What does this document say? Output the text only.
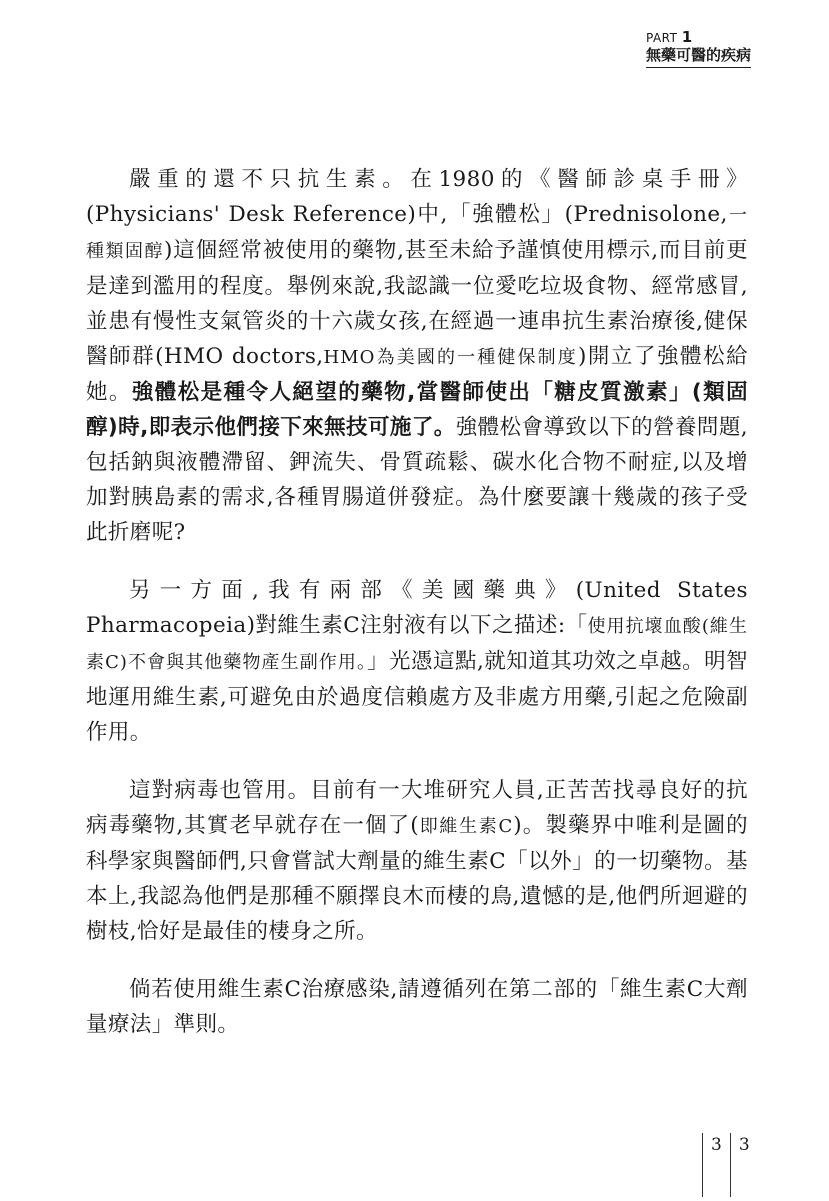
PART 1
無藥可醫的疾病

嚴重的還不只抗生素。在1980的《醫師診桌手冊》(Physicians' Desk Reference)中,「強體松」(Prednisolone,一種類固醇)這個經常被使用的藥物,甚至未給予謹慎使用標示,而目前更是達到濫用的程度。舉例來說,我認識一位愛吃垃圾食物、經常感冒,並患有慢性支氣管炎的十六歲女孩,在經過一連串抗生素治療後,健保醫師群(HMO doctors,HMO為美國的一種健保制度)開立了強體松給她。強體松是種令人絕望的藥物,當醫師使出「糖皮質激素」(類固醇)時,即表示他們接下來無技可施了。強體松會導致以下的營養問題,包括鈉與液體滯留、鉀流失、骨質疏鬆、碳水化合物不耐症,以及增加對胰島素的需求,各種胃腸道併發症。為什麼要讓十幾歲的孩子受此折磨呢?

另一方面,我有兩部《美國藥典》(United States Pharmacopeia)對維生素C注射液有以下之描述:「使用抗壞血酸(維生素C)不會與其他藥物產生副作用。」光憑這點,就知道其功效之卓越。明智地運用維生素,可避免由於過度信賴處方及非處方用藥,引起之危險副作用。

這對病毒也管用。目前有一大堆研究人員,正苦苦找尋良好的抗病毒藥物,其實老早就存在一個了(即維生素C)。製藥界中唯利是圖的科學家與醫師們,只會嘗試大劑量的維生素C「以外」的一切藥物。基本上,我認為他們是那種不願擇良木而棲的鳥,遺憾的是,他們所迴避的樹枝,恰好是最佳的棲身之所。

倘若使用維生素C治療感染,請遵循列在第二部的「維生素C大劑量療法」準則。

3	3
